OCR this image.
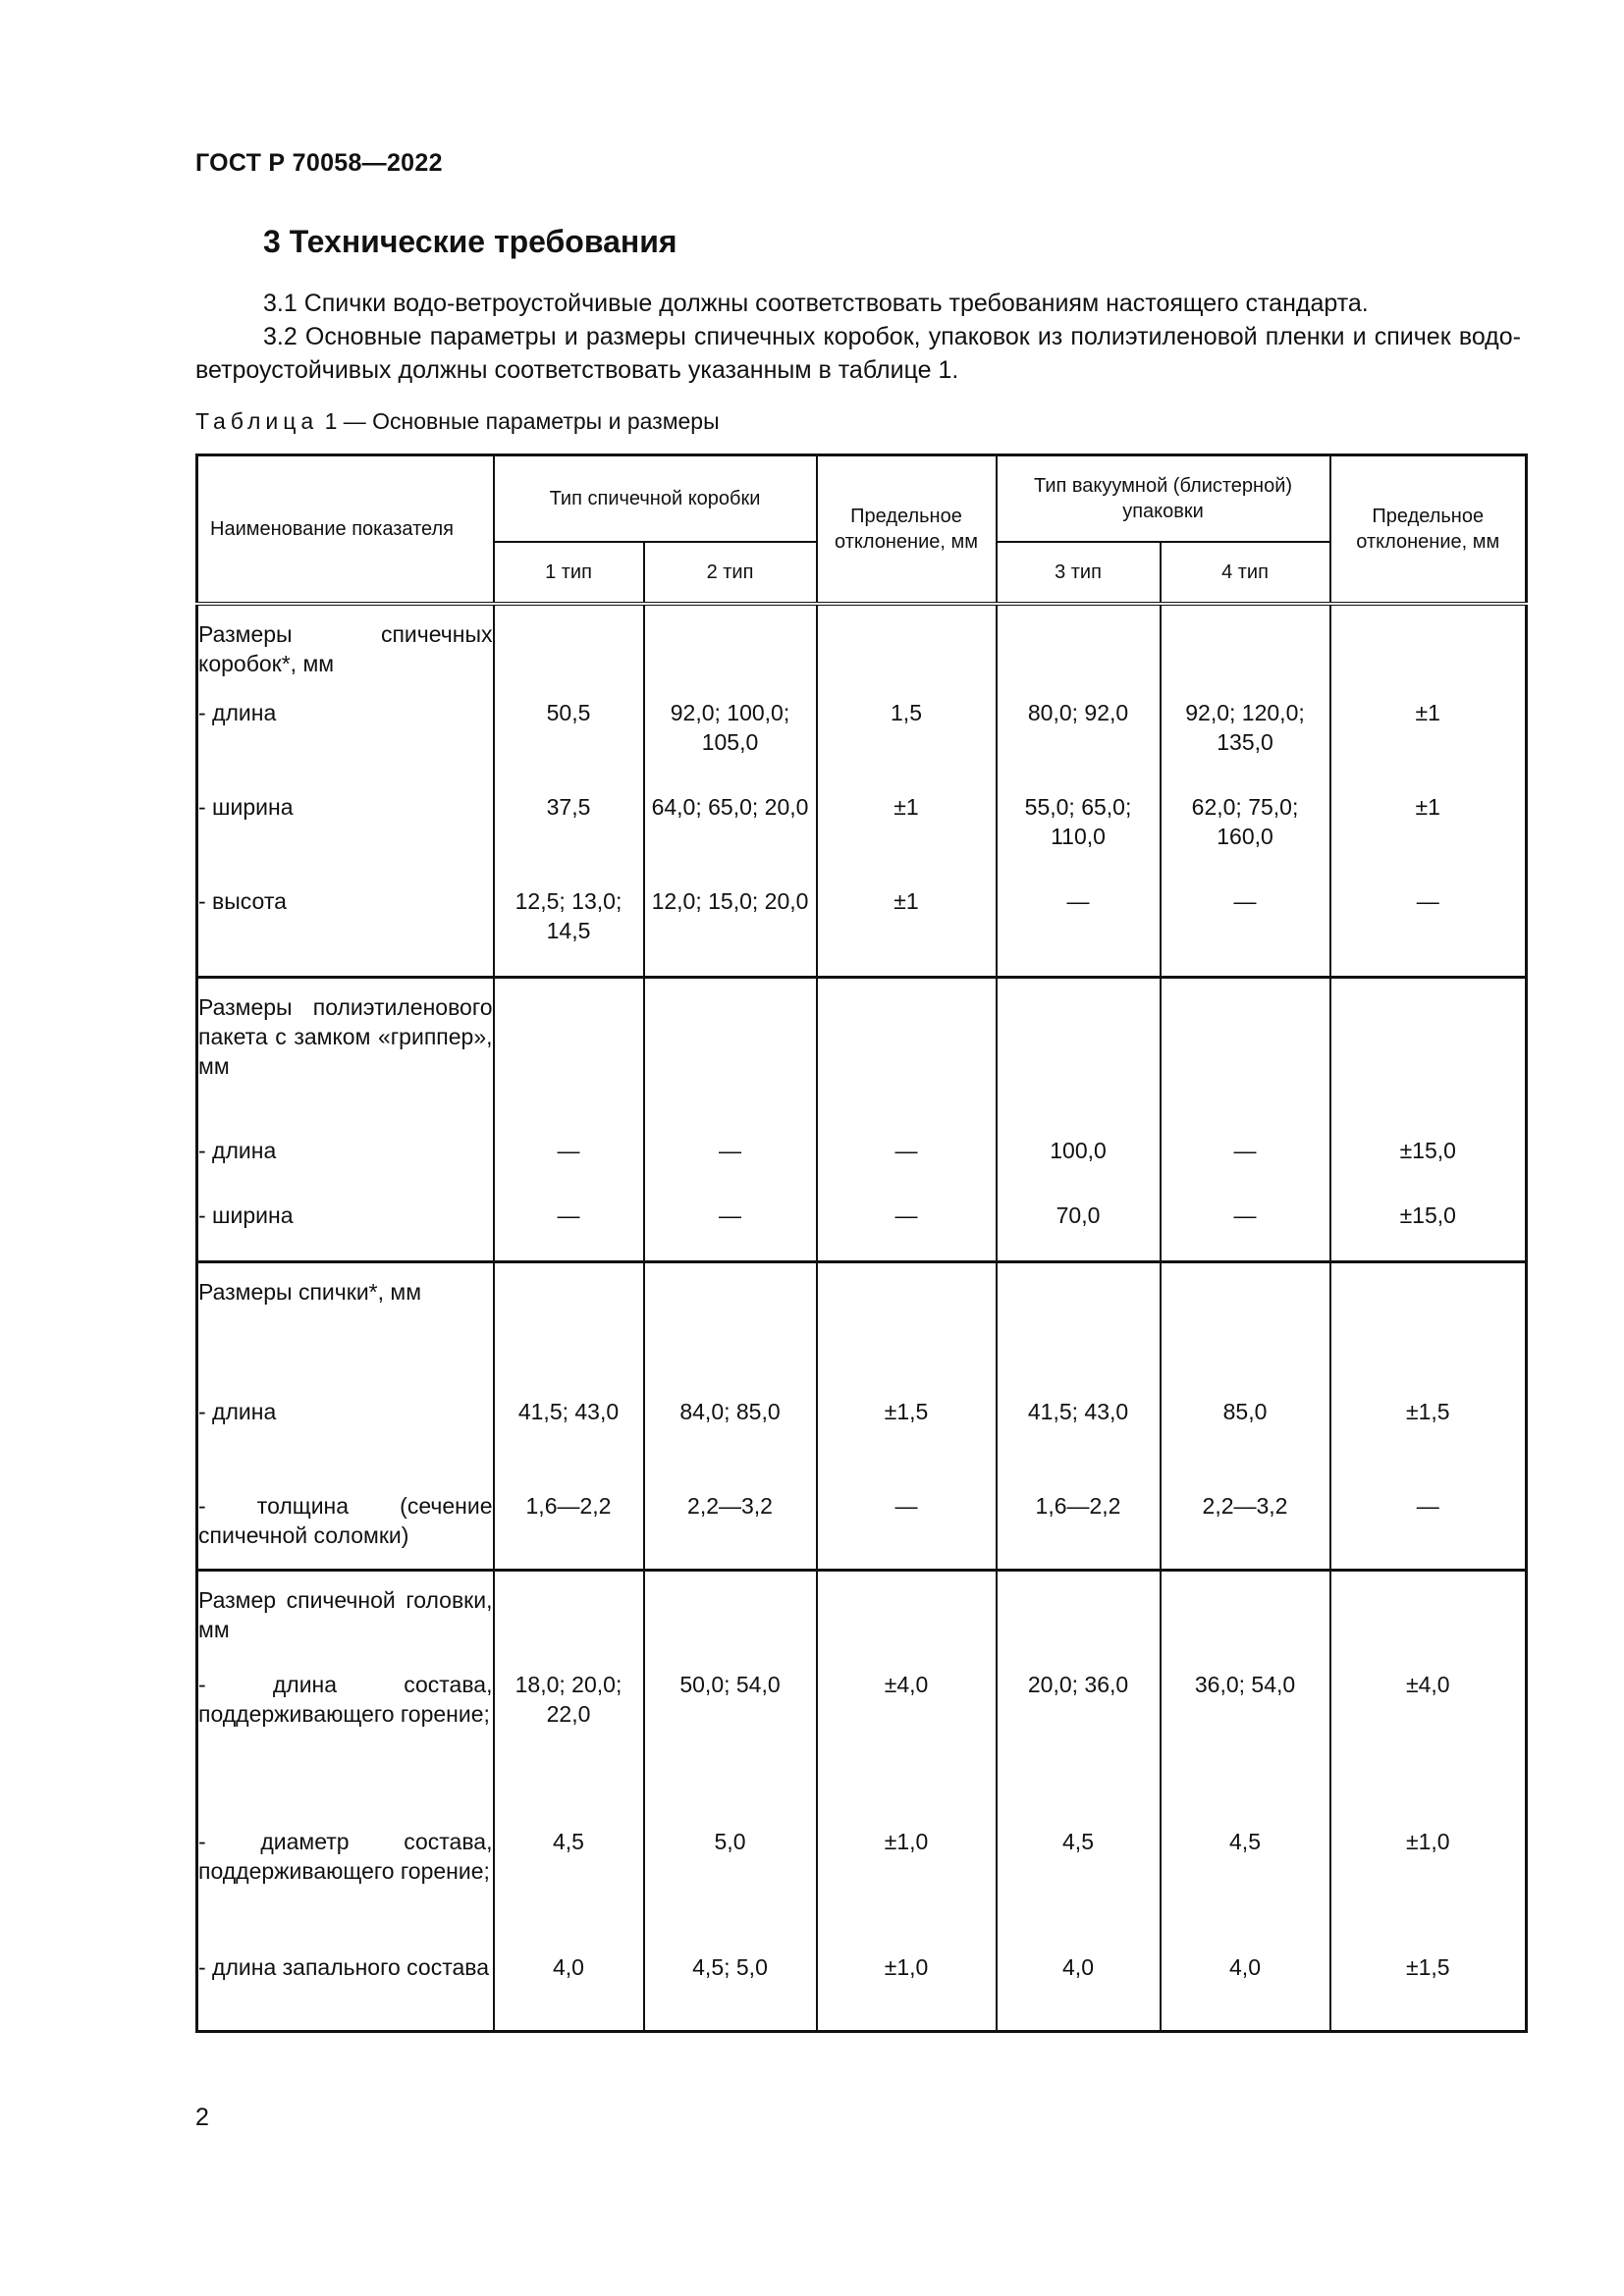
ГОСТ Р 70058—2022
3 Технические требования
3.1 Спички водо-ветроустойчивые должны соответствовать требованиям настоящего стандарта.
3.2 Основные параметры и размеры спичечных коробок, упаковок из полиэтиленовой пленки и спичек водо-ветроустойчивых должны соответствовать указанным в таблице 1.
Таблица 1 — Основные параметры и размеры
Наименование показателя	Тип спичечной коробки		Предельное отклонение, мм	Тип вакуумной (блистерной) упаковки		Предельное отклонение, мм
	1 тип	2 тип		3 тип	4 тип	
Размеры спичечных коробок*, мм						
- длина	50,5	92,0; 100,0; 105,0	1,5	80,0; 92,0	92,0; 120,0; 135,0	±1
- ширина	37,5	64,0; 65,0; 20,0	±1	55,0; 65,0; 110,0	62,0; 75,0; 160,0	±1
- высота	12,5; 13,0; 14,5	12,0; 15,0; 20,0	±1	—	—	—
Размеры полиэтиленового пакета с замком «гриппер», мм						
- длина	—	—	—	100,0	—	±15,0
- ширина	—	—	—	70,0	—	±15,0
Размеры спички*, мм						
- длина	41,5; 43,0	84,0; 85,0	±1,5	41,5; 43,0	85,0	±1,5
- толщина (сечение спичечной соломки)	1,6—2,2	2,2—3,2	—	1,6—2,2	2,2—3,2	—
Размер спичечной головки, мм						
- длина состава, поддерживающего горение;	18,0; 20,0; 22,0	50,0; 54,0	±4,0	20,0; 36,0	36,0; 54,0	±4,0
- диаметр состава, поддерживающего горение;	4,5	5,0	±1,0	4,5	4,5	±1,0
- длина запального состава	4,0	4,5; 5,0	±1,0	4,0	4,0	±1,5
2
